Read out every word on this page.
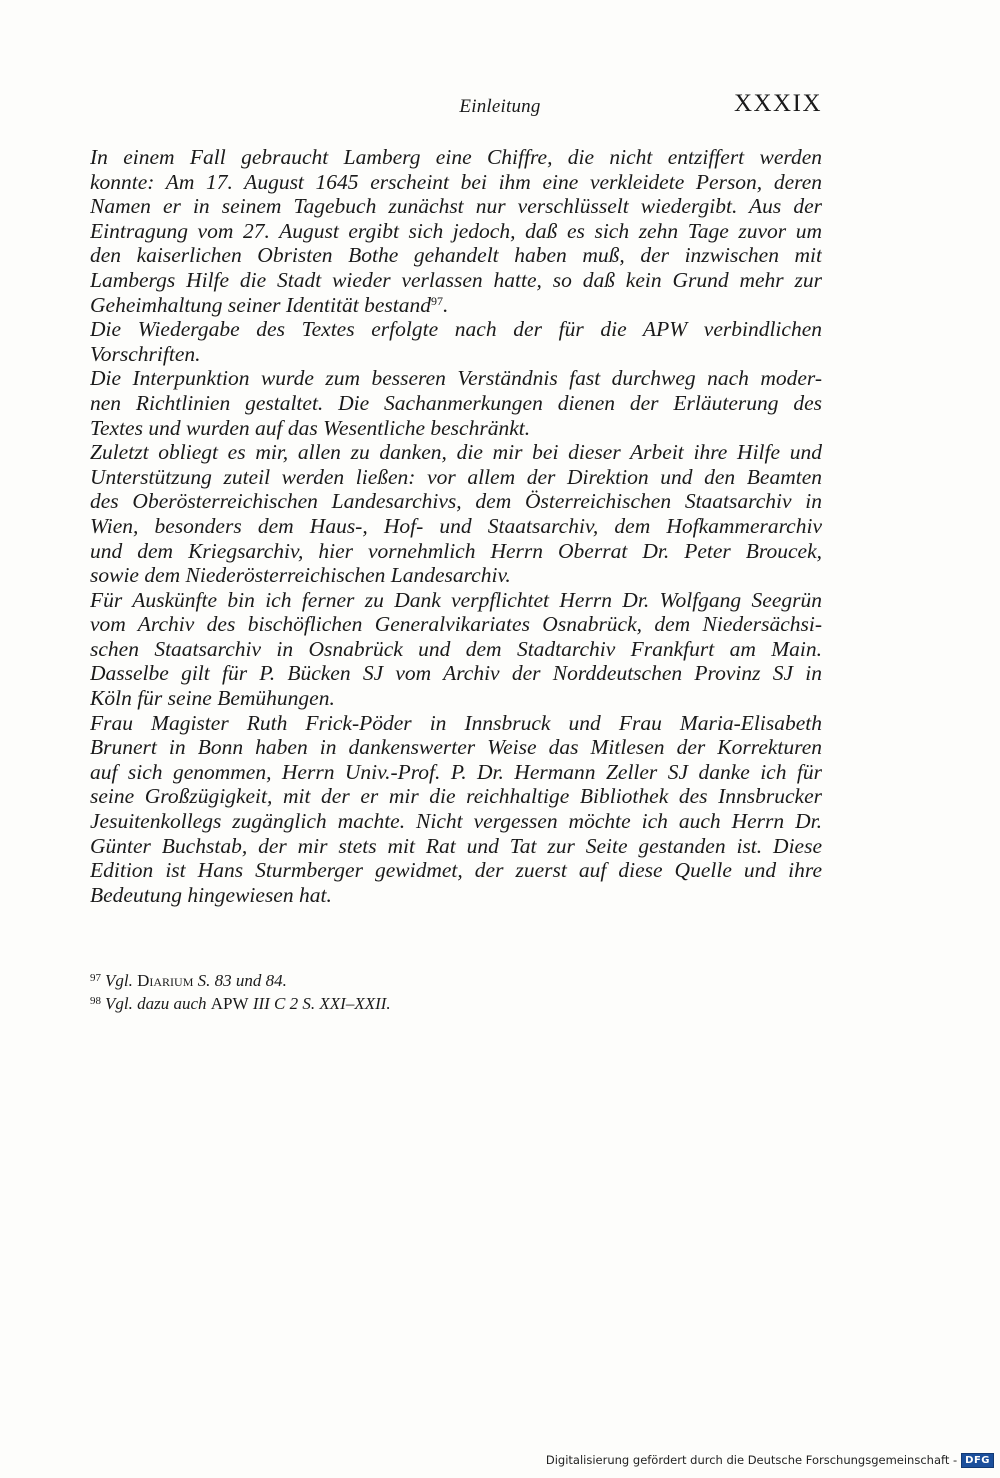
Einleitung	XXXIX

In einem Fall gebraucht Lamberg eine Chiffre, die nicht entziffert werden
konnte: Am 17. August 1645 erscheint bei ihm eine verkleidete Person, deren
Namen er in seinem Tagebuch zunächst nur verschlüsselt wiedergibt. Aus der
Eintragung vom 27. August ergibt sich jedoch, daß es sich zehn Tage zuvor um
den kaiserlichen Obristen Bothe gehandelt haben muß, der inzwischen mit
Lambergs Hilfe die Stadt wieder verlassen hatte, so daß kein Grund mehr zur
Geheimhaltung seiner Identität bestand$^{97}$.

Die Wiedergabe des Textes erfolgte nach der für die APW verbindlichen
Vorschriften.

Die Interpunktion wurde zum besseren Verständnis fast durchweg nach moder-
nen Richtlinien gestaltet. Die Sachanmerkungen dienen der Erläuterung des
Textes und wurden auf das Wesentliche beschränkt.

Zuletzt obliegt es mir, allen zu danken, die mir bei dieser Arbeit ihre Hilfe und
Unterstützung zuteil werden ließen: vor allem der Direktion und den Beamten
des Oberösterreichischen Landesarchivs, dem Österreichischen Staatsarchiv in
Wien, besonders dem Haus-, Hof- und Staatsarchiv, dem Hofkammerarchiv
und dem Kriegsarchiv, hier vornehmlich Herrn Oberrat Dr. Peter Broucek,
sowie dem Niederösterreichischen Landesarchiv.

Für Auskünfte bin ich ferner zu Dank verpflichtet Herrn Dr. Wolfgang Seegrün
vom Archiv des bischöflichen Generalvikariates Osnabrück, dem Niedersächsi-
schen Staatsarchiv in Osnabrück und dem Stadtarchiv Frankfurt am Main.
Dasselbe gilt für P. Bücken SJ vom Archiv der Norddeutschen Provinz SJ in
Köln für seine Bemühungen.

Frau Magister Ruth Frick-Pöder in Innsbruck und Frau Maria-Elisabeth
Brunert in Bonn haben in dankenswerter Weise das Mitlesen der Korrekturen
auf sich genommen, Herrn Univ.-Prof. P. Dr. Hermann Zeller SJ danke ich für
seine Großzügigkeit, mit der er mir die reichhaltige Bibliothek des Innsbrucker
Jesuitenkollegs zugänglich machte. Nicht vergessen möchte ich auch Herrn Dr.
Günter Buchstab, der mir stets mit Rat und Tat zur Seite gestanden ist. Diese
Edition ist Hans Sturmberger gewidmet, der zuerst auf diese Quelle und ihre
Bedeutung hingewiesen hat.

$^{97}$ Vgl. Diarium S. 83 und 84.

$^{98}$ Vgl. dazu auch APW III C 2 S. XXI–XXII.

Digitalisierung gefördert durch die Deutsche Forschungsgemeinschaft - DFG
